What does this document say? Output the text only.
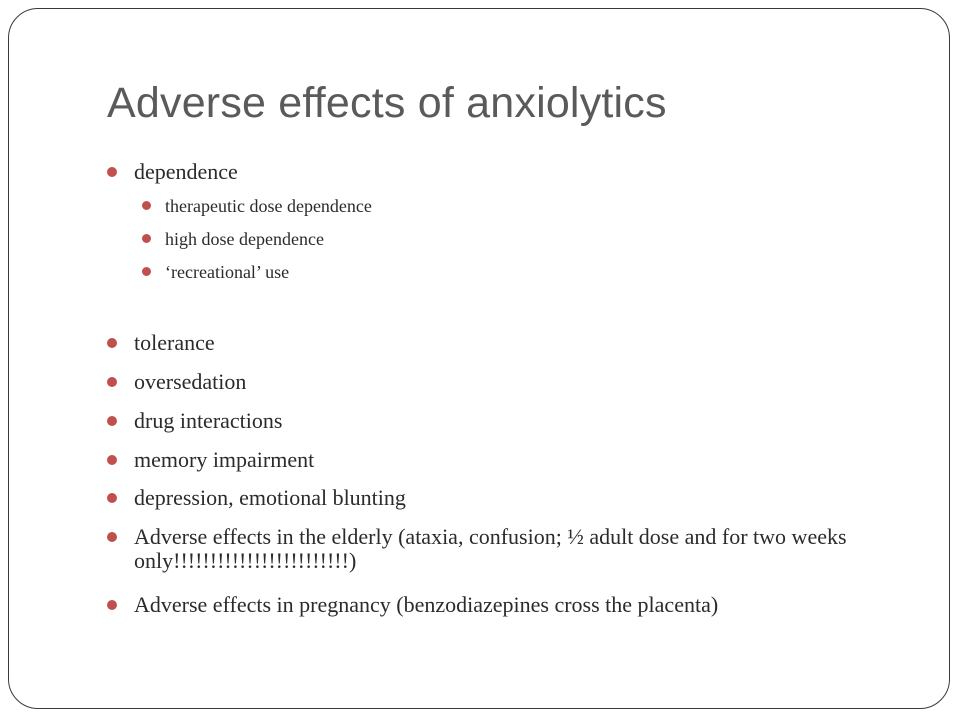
Adverse effects of anxiolytics
dependence
therapeutic dose dependence
high dose dependence
‘recreational’ use
tolerance
oversedation
drug interactions
memory impairment
depression, emotional blunting
Adverse effects in the elderly (ataxia, confusion; ½ adult dose and for two weeks only!!!!!!!!!!!!!!!!!!!!!!!!)
Adverse effects in pregnancy (benzodiazepines cross the placenta)
